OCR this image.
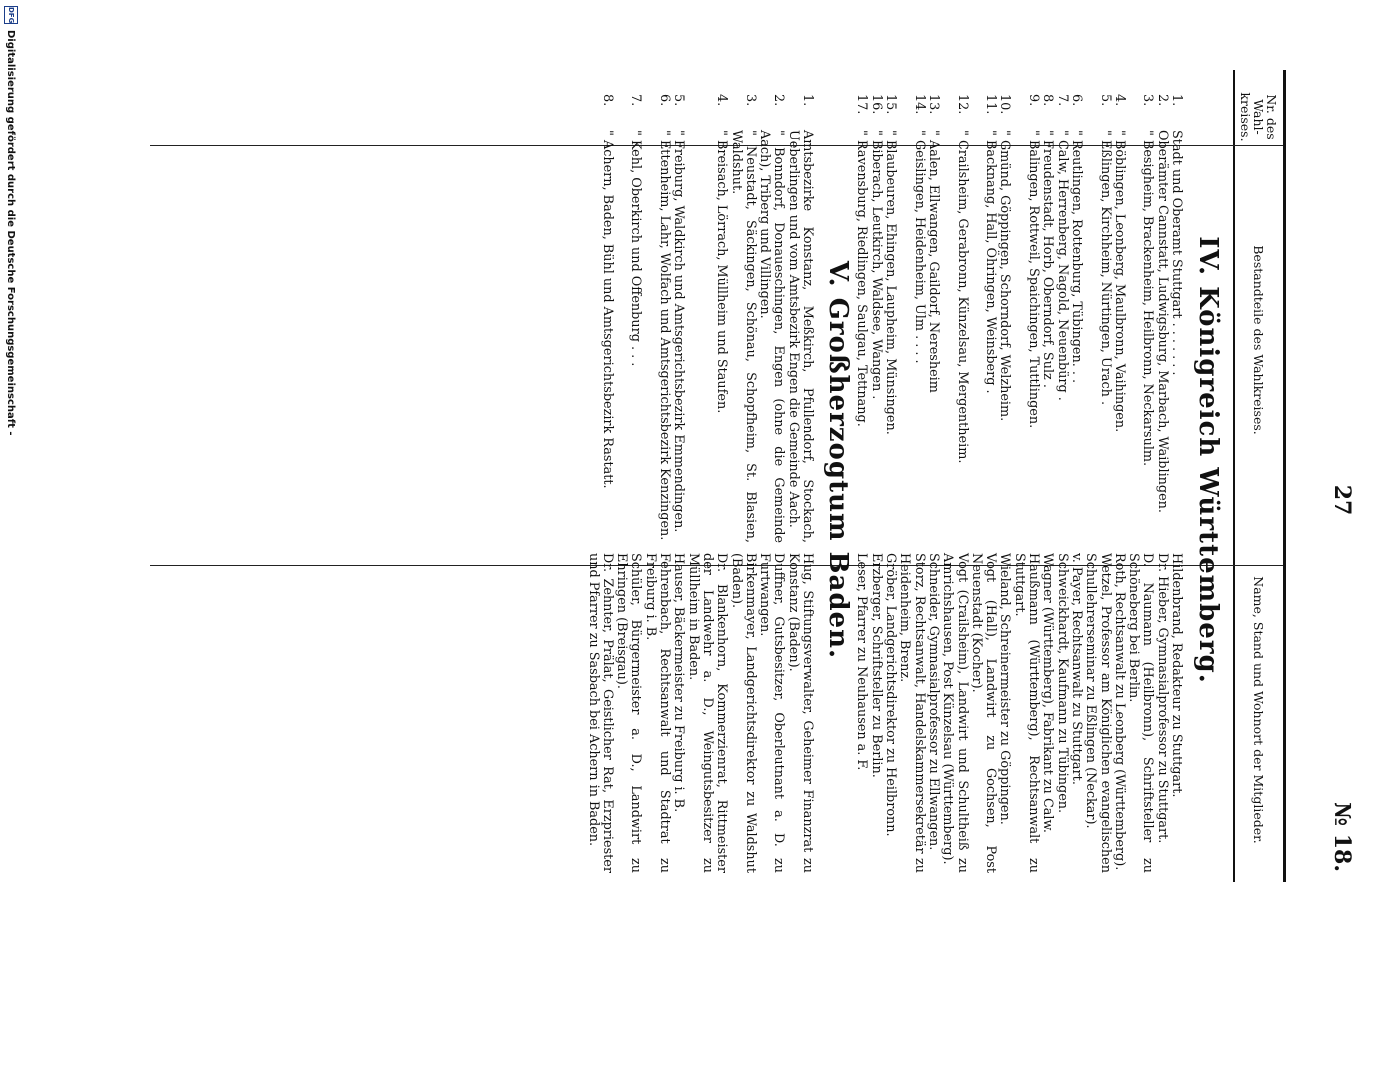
27
№ 18.
Nr. des Wahl-kreises.
Bestandteile des Wahlkreises.
Name, Stand und Wohnort der Mitglieder.
IV. Königreich Württemberg.
1.
Stadt und Oberamt Stuttgart . . . . . . .
Hildenbrand, Redakteur zu Stuttgart.
2.
Oberämter Cannstatt, Ludwigsburg, Marbach, Waiblingen.
Dr. Hieber, Gymnasialprofessor zu Stuttgart.
3.
" Besigheim, Brackenheim, Heilbronn, Neckarsulm.
D. Naumann (Heilbronn), Schriftsteller zu Schöneberg bei Berlin.
4.
" Böblingen, Leonberg, Maulbronn, Vaihingen.
Roth, Rechtsanwalt zu Leonberg (Württemberg).
5.
" Eßlingen, Kirchheim, Nürtingen, Urach .
Wetzel, Professor am Königlichen evangelischen Schullehrerseminar zu Eßlingen (Neckar).
6.
" Reutlingen, Rottenburg, Tübingen. . .
v. Payer, Rechtsanwalt zu Stuttgart.
7.
" Calw, Herrenberg, Nagold, Neuenbürg .
Schweickhardt, Kaufmann zu Tübingen.
8.
" Freudenstadt, Horb, Oberndorf, Sulz .
Wagner (Württemberg), Fabrikant zu Calw.
9.
" Balingen, Rottweil, Spaichingen, Tuttlingen.
Haußmann (Württemberg), Rechtsanwalt zu Stuttgart.
10.
" Gmünd, Göppingen, Schorndorf, Welzheim.
Wieland, Schreinermeister zu Göppingen.
11.
" Backnang, Hall, Öhringen, Weinsberg .
Vogt (Hall), Landwirt zu Gochsen, Post Neuenstadt (Kocher).
12.
" Crailsheim, Gerabronn, Künzelsau, Mergentheim.
Vogt (Crailsheim), Landwirt und Schultheiß zu Amrichshausen, Post Künzelsau (Württemberg).
13.
" Aalen, Ellwangen, Gaildorf, Neresheim
Schneider, Gymnasialprofessor zu Ellwangen.
14.
" Geislingen, Heidenheim, Ulm . . . .
Storz, Rechtsanwalt, Handelskammersekretär zu Heidenheim, Brenz.
15.
" Blaubeuren, Ehingen, Laupheim, Münsingen.
Gröber, Landgerichtsdirektor zu Heilbronn.
16.
" Biberach, Leutkirch, Waldsee, Wangen .
Erzberger, Schriftsteller zu Berlin.
17.
" Ravensburg, Riedlingen, Saulgau, Tettnang.
Leser, Pfarrer zu Neuhausen a. F.
V. Großherzogtum Baden.
1.
Amtsbezirke Konstanz, Meßkirch, Pfullendorf, Stockach, Ueberlingen und vom Amtsbezirk Engen die Gemeinde Aach.
Hug, Stiftungsverwalter, Geheimer Finanzrat zu Konstanz (Baden).
2.
" Bonndorf, Donaueschingen, Engen (ohne die Gemeinde Aach), Triberg und Villingen.
Duffner, Gutsbesitzer, Oberleutnant a. D. zu Furtwangen.
3.
" Neustadt, Säckingen, Schönau, Schopfheim, St. Blasien, Waldshut.
Birkenmayer, Landgerichtsdirektor zu Waldshut (Baden).
4.
" Breisach, Lörrach, Müllheim und Staufen.
Dr. Blankenhorn, Kommerzienrat, Rittmeister der Landwehr a. D., Weingutsbesitzer zu Müllheim in Baden.
5.
" Freiburg, Waldkirch und Amtsgerichtsbezirk Emmendingen.
Hauser, Bäckermeister zu Freiburg i. B.
6.
" Ettenheim, Lahr, Wolfach und Amtsgerichtsbezirk Kenzingen.
Fehrenbach, Rechtsanwalt und Stadtrat zu Freiburg i. B.
7.
" Kehl, Oberkirch und Offenburg . . .
Schüler, Bürgermeister a. D., Landwirt zu Ehringen (Breisgau).
8.
" Achern, Baden, Bühl und Amtsgerichtsbezirk Rastatt.
Dr. Zehnter, Prälat, Geistlicher Rat, Erzpriester und Pfarrer zu Sasbach bei Achern in Baden.
DFG
Digitalisierung gefördert durch die Deutsche Forschungsgemeinschaft -
